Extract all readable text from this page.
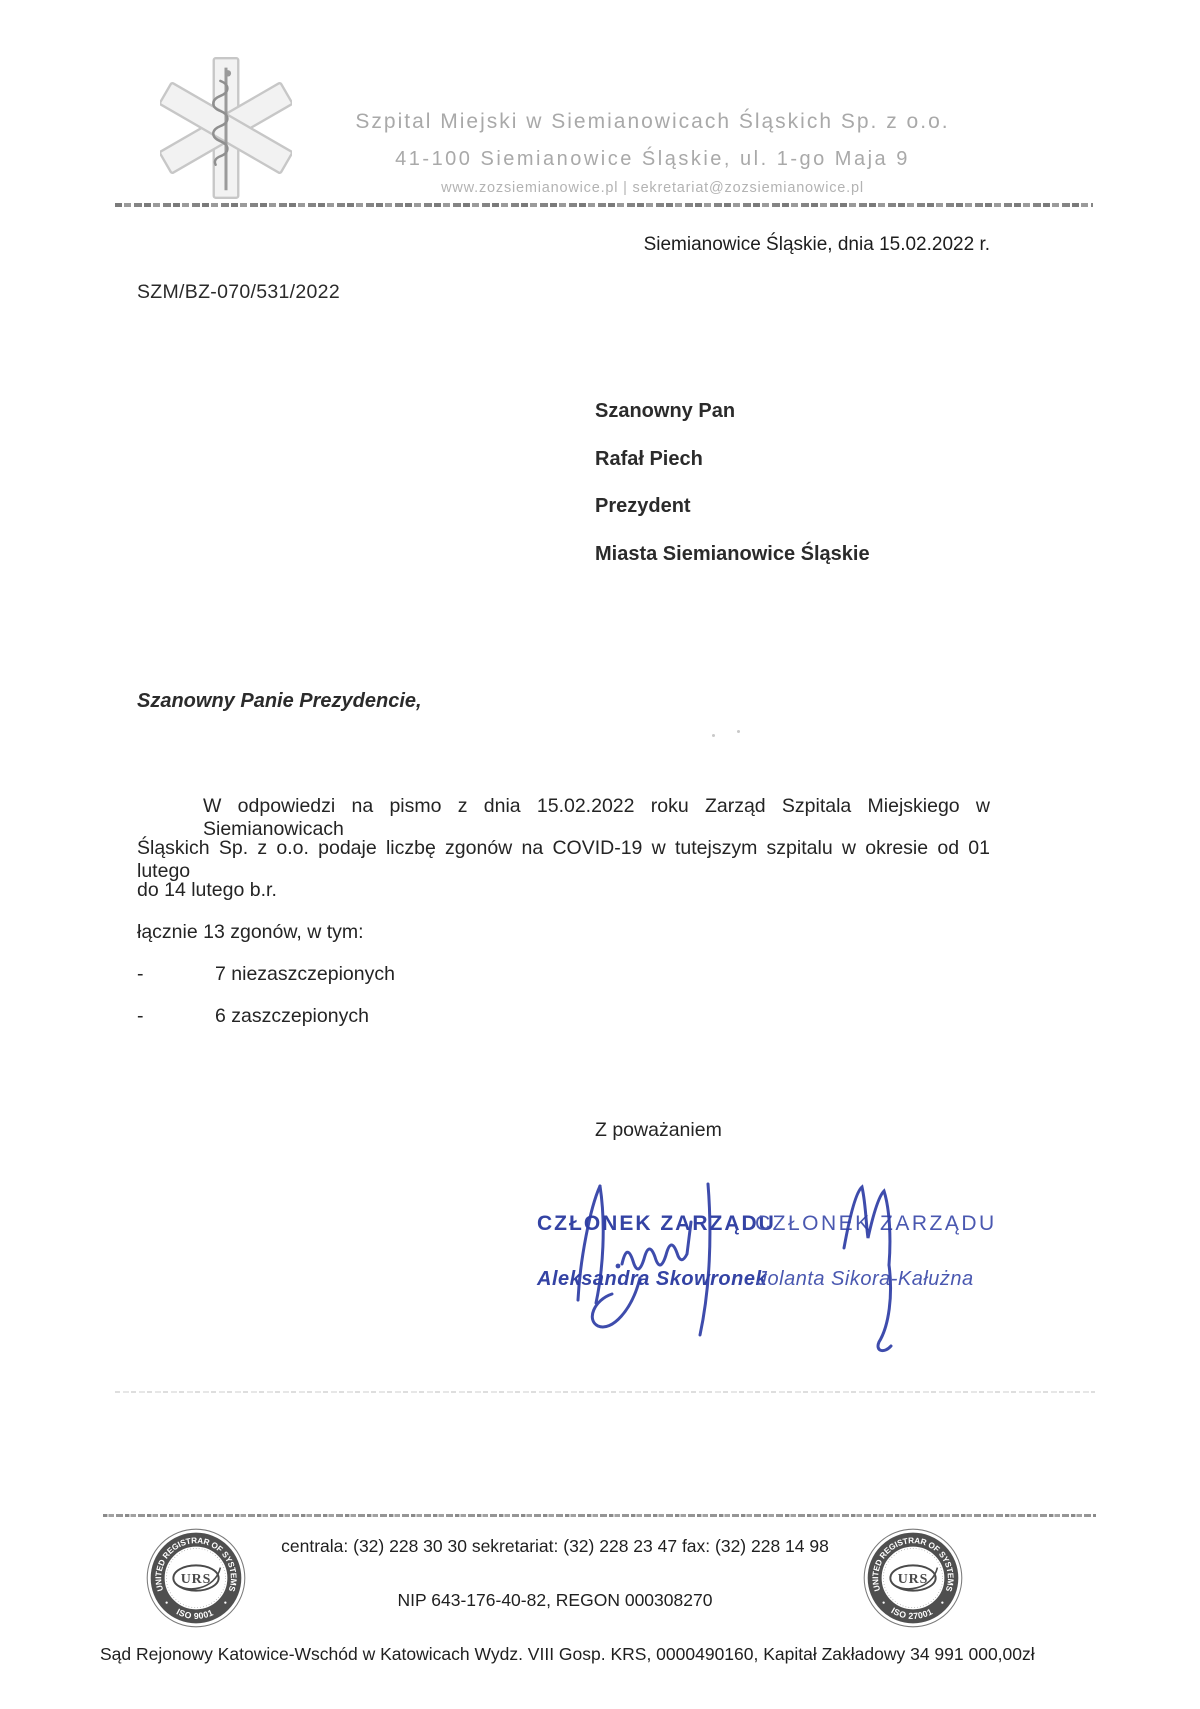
Szpital Miejski w Siemianowicach Śląskich Sp. z o.o.
41-100 Siemianowice Śląskie, ul. 1-go Maja 9
www.zozsiemianowice.pl | sekretariat@zozsiemianowice.pl
Siemianowice Śląskie, dnia 15.02.2022 r.
SZM/BZ-070/531/2022
Szanowny Pan
Rafał Piech
Prezydent
Miasta Siemianowice Śląskie
Szanowny Panie Prezydencie,
W odpowiedzi na pismo z dnia 15.02.2022 roku Zarząd Szpitala Miejskiego w Siemianowicach
Śląskich Sp. z o.o. podaje liczbę zgonów na COVID-19 w tutejszym szpitalu w okresie od 01 lutego
do 14 lutego b.r.
łącznie 13 zgonów, w tym:
-	7 niezaszczepionych
-	6 zaszczepionych
Z poważaniem
CZŁONEK ZARZĄDU
CZŁONEK ZARZĄDU
Aleksandra Skowronek
Jolanta Sikora-Kałużna
UNITED REGISTRAR OF SYSTEMS
ISO 9001
URS
UNITED REGISTRAR OF SYSTEMS
ISO 27001
URS
centrala: (32) 228 30 30 sekretariat: (32) 228 23 47 fax: (32) 228 14 98
NIP 643-176-40-82, REGON 000308270
Sąd Rejonowy Katowice-Wschód w Katowicach Wydz. VIII Gosp. KRS, 0000490160, Kapitał Zakładowy 34 991 000,00zł
